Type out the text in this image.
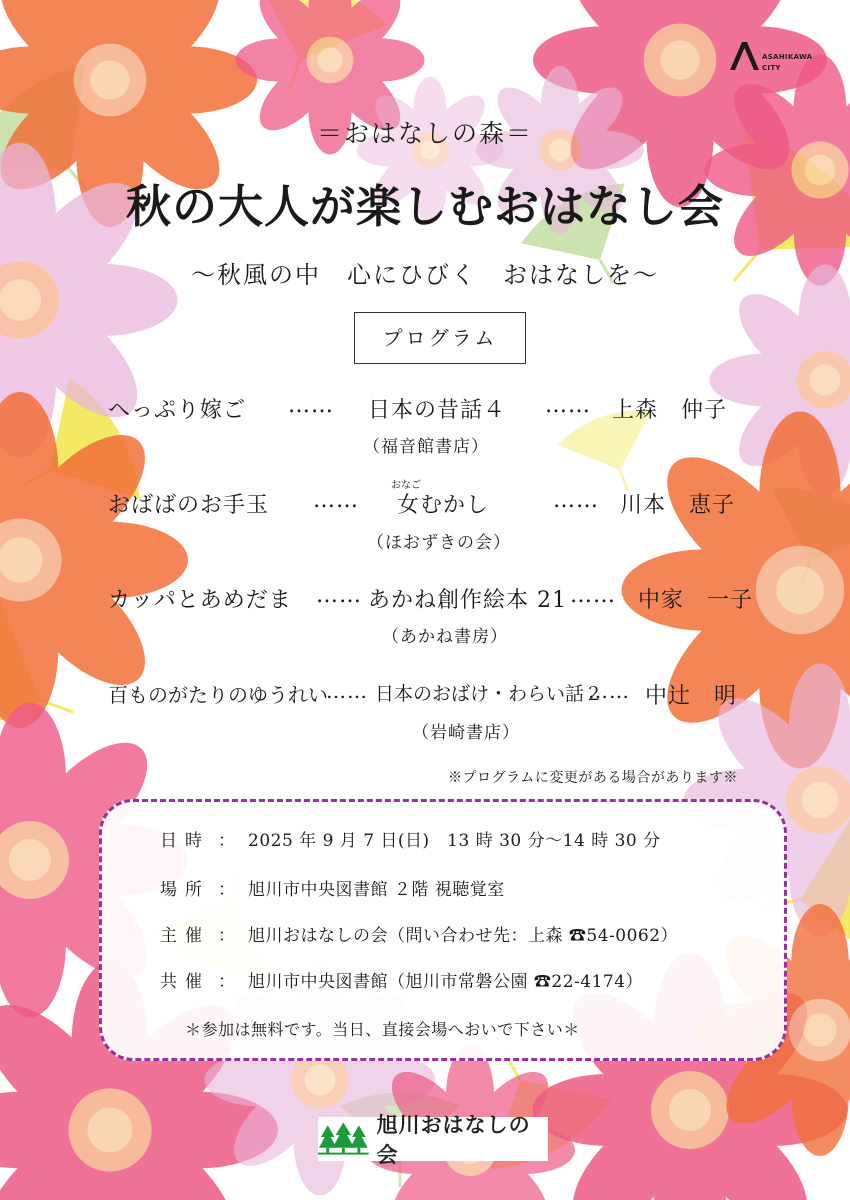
ASAHIKAWA
CITY
＝おはなしの森＝
秋の大人が楽しむおはなし会
〜秋風の中　心にひびく　おはなしを〜
プログラム
へっぷり嫁ご …… 日本の昔話４ …… 上森　仲子
（福音館書店）
おばばのお手玉 ……
おなご
女むかし	…… 川本　恵子
（ほおずきの会）
カッパとあめだま …… あかね創作絵本 21 …… 中家　一子
（あかね書房）
百ものがたりのゆうれい
…… 日本のおばけ・わらい話２
…… 中辻　明
（岩崎書店）
※プログラムに変更がある場合があります※
日時 ： 2025 年 9 月 7 日(日)　13 時 30 分〜14 時 30 分
場所 ： 旭川市中央図書館 ２階 視聴覚室
主催 ： 旭川おはなしの会（問い合わせ先：上森 ☎54-0062）
共催 ： 旭川市中央図書館（旭川市常磐公園 ☎22-4174）
＊参加は無料です。当日、直接会場へおいで下さい＊
旭川おはなしの会
